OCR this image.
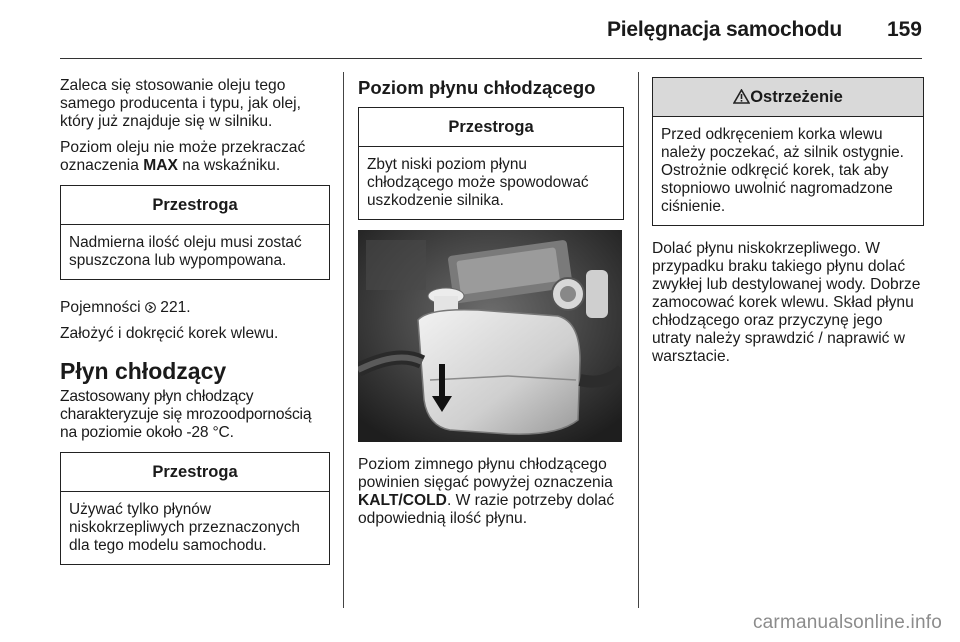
Pielęgnacja samochodu 159

Zaleca się stosowanie oleju tego samego producenta i typu, jak olej, który już znajduje się w silniku.

Poziom oleju nie może przekraczać oznaczenia MAX na wskaźniku.

Przestroga
Nadmierna ilość oleju musi zostać spuszczona lub wypompowana.

Pojemności  221.

Założyć i dokręcić korek wlewu.

Płyn chłodzący

Zastosowany płyn chłodzący charakteryzuje się mrozoodpornością na poziomie około -28 °C.

Przestroga
Używać tylko płynów niskokrzepliwych przeznaczonych dla tego modelu samochodu.
Poziom płynu chłodzącego
Przestroga
Zbyt niski poziom płynu chłodzącego może spowodować uszkodzenie silnika.

Poziom zimnego płynu chłodzącego powinien sięgać powyżej oznaczenia KALT/COLD. W razie potrzeby dolać odpowiednią ilość płynu.

Ostrzeżenie
Przed odkręceniem korka wlewu należy poczekać, aż silnik ostygnie. Ostrożnie odkręcić korek, tak aby stopniowo uwolnić nagromadzone ciśnienie.

Dolać płynu niskokrzepliwego. W przypadku braku takiego płynu dolać zwykłej lub destylowanej wody. Dobrze zamocować korek wlewu. Skład płynu chłodzącego oraz przyczynę jego utraty należy sprawdzić / naprawić w warsztacie.

carmanualsonline.info
